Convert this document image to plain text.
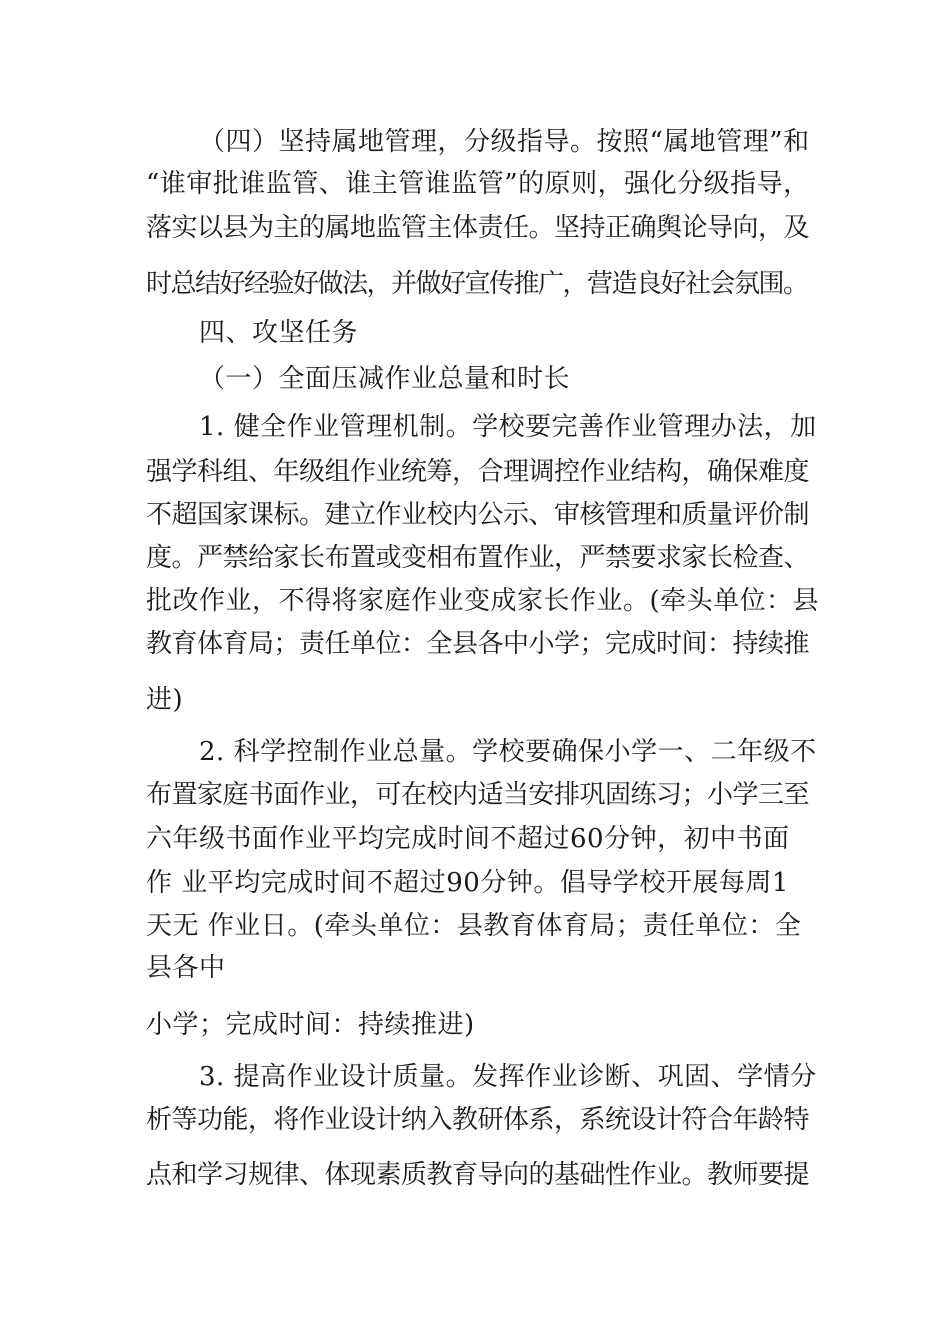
（四）坚持属地管理，分级指导。按照“属地管理”和

“谁审批谁监管、谁主管谁监管”的原则，强化分级指导，

落实以县为主的属地监管主体责任。坚持正确舆论导向，及

时总结好经验好做法，并做好宣传推广，营造良好社会氛围。

四、攻坚任务

（一）全面压减作业总量和时长

1. 健全作业管理机制。学校要完善作业管理办法，加

强学科组、年级组作业统筹，合理调控作业结构，确保难度

不超国家课标。建立作业校内公示、审核管理和质量评价制

度。严禁给家长布置或变相布置作业，严禁要求家长检查、

批改作业，不得将家庭作业变成家长作业。(牵头单位：县

教育体育局；责任单位：全县各中小学；完成时间：持续推

进)

2. 科学控制作业总量。学校要确保小学一、二年级不

布置家庭书面作业，可在校内适当安排巩固练习；小学三至

六年级书面作业平均完成时间不超过60分钟，初中书面

作 业平均完成时间不超过90分钟。倡导学校开展每周1

天无 作业日。(牵头单位：县教育体育局；责任单位：全

县各中

小学；完成时间：持续推进)

3. 提高作业设计质量。发挥作业诊断、巩固、学情分

析等功能，将作业设计纳入教研体系，系统设计符合年龄特

点和学习规律、体现素质教育导向的基础性作业。教师要提
